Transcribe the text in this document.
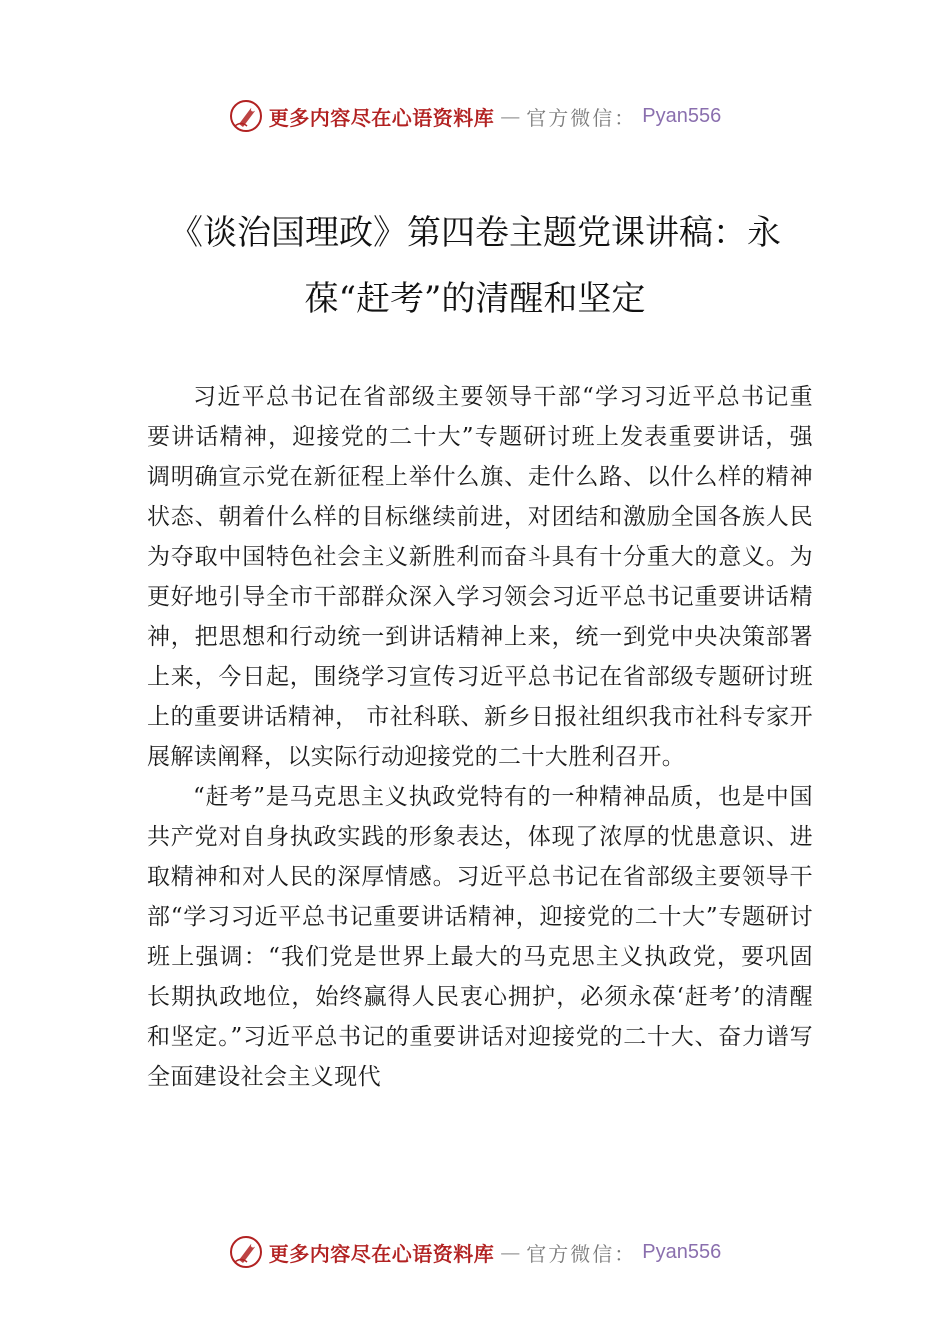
更多内容尽在心语资料库 — 官方微信： Pyan556
《谈治国理政》第四卷主题党课讲稿：永葆“赶考”的清醒和坚定

习近平总书记在省部级主要领导干部“学习习近平总书记重要讲话精神，迎接党的二十大”专题研讨班上发表重要讲话，强调明确宣示党在新征程上举什么旗、走什么路、以什么样的精神状态、朝着什么样的目标继续前进，对团结和激励全国各族人民为夺取中国特色社会主义新胜利而奋斗具有十分重大的意义。为更好地引导全市干部群众深入学习领会习近平总书记重要讲话精神，把思想和行动统一到讲话精神上来，统一到党中央决策部署上来，今日起，围绕学习宣传习近平总书记在省部级专题研讨班上的重要讲话精神， 市社科联、新乡日报社组织我市社科专家开展解读阐释，以实际行动迎接党的二十大胜利召开。

“赶考”是马克思主义执政党特有的一种精神品质，也是中国共产党对自身执政实践的形象表达，体现了浓厚的忧患意识、进取精神和对人民的深厚情感。习近平总书记在省部级主要领导干部“学习习近平总书记重要讲话精神，迎接党的二十大”专题研讨班上强调：“我们党是世界上最大的马克思主义执政党，要巩固长期执政地位，始终赢得人民衷心拥护，必须永葆‘赶考’的清醒和坚定。”习近平总书记的重要讲话对迎接党的二十大、奋力谱写全面建设社会主义现代

更多内容尽在心语资料库 — 官方微信： Pyan556
